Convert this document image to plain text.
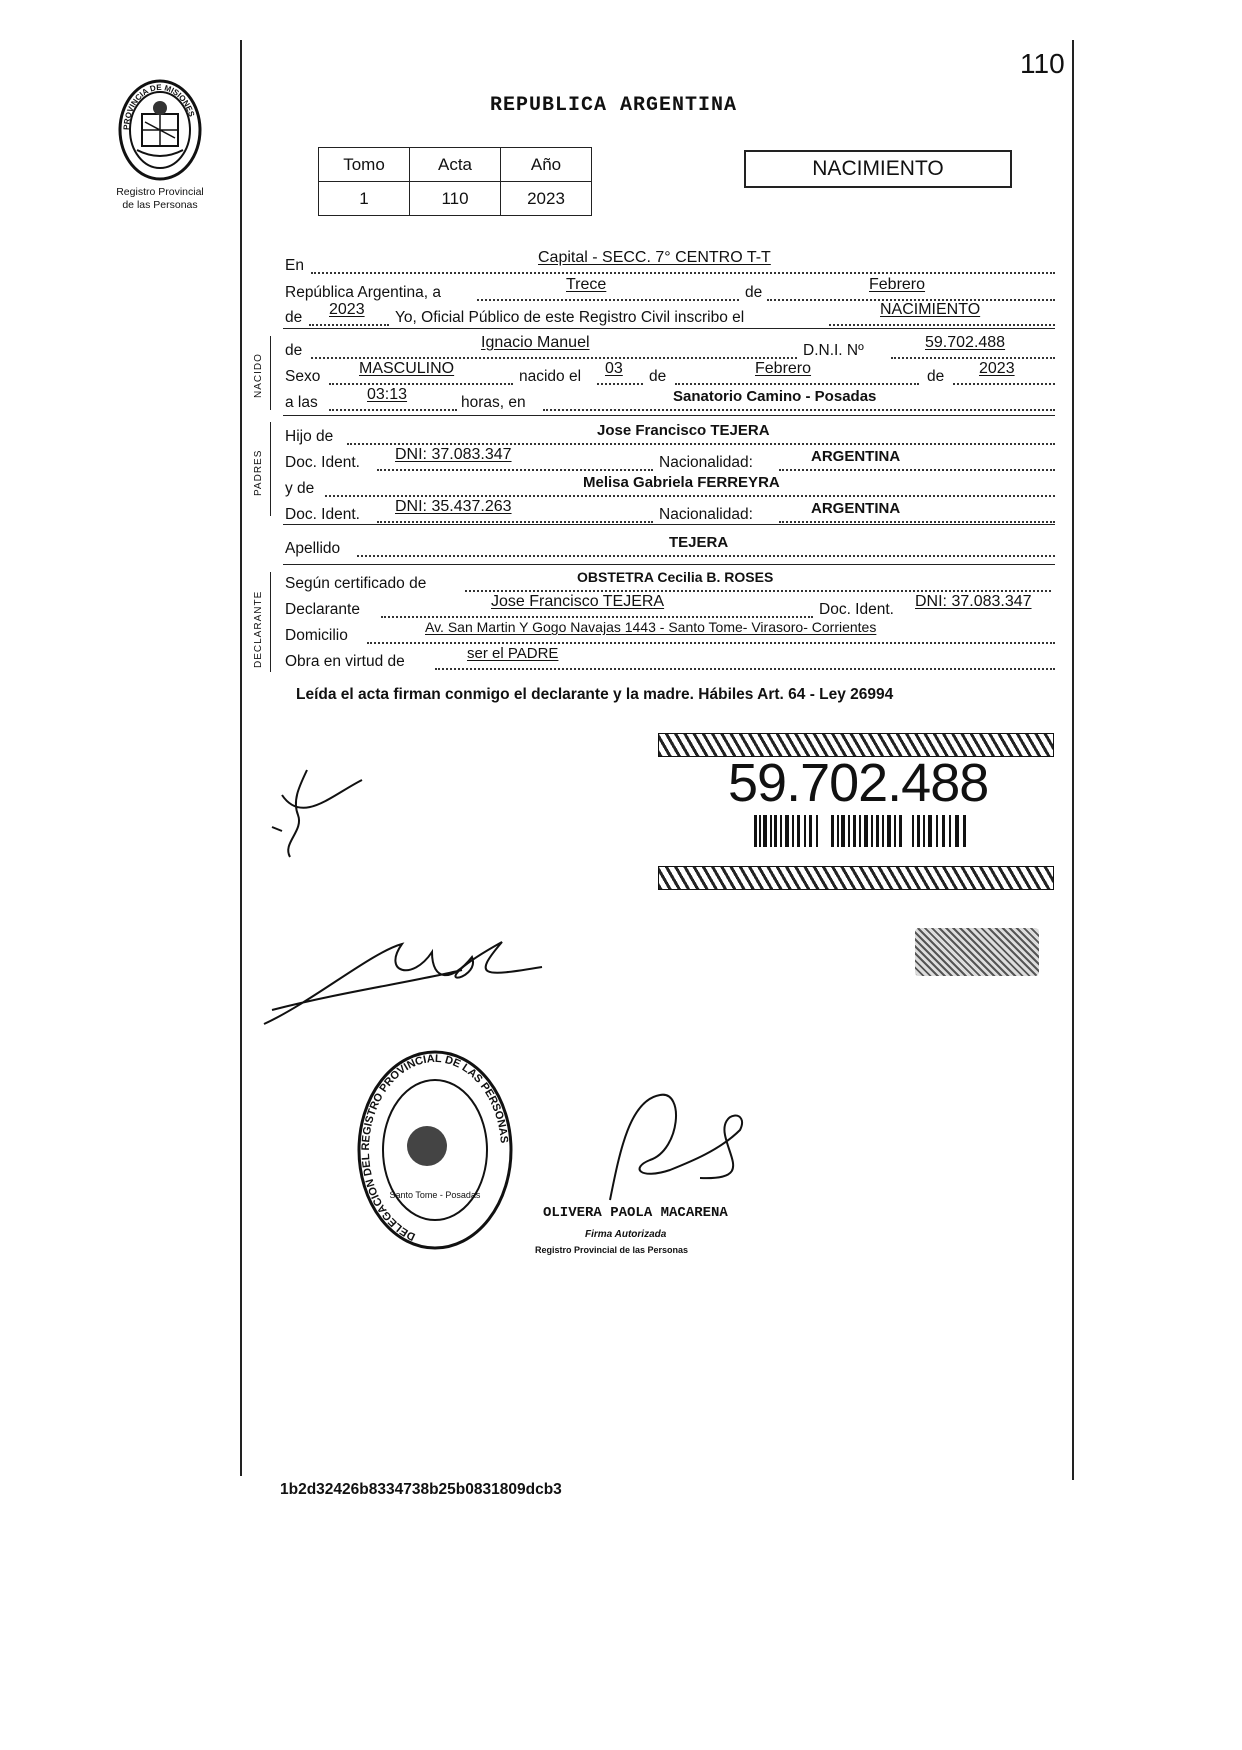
110
PROVINCIA DE MISIONES
Registro Provincial
de las Personas
REPUBLICA ARGENTINA
Tomo	Acta	Año
1	110	2023
NACIMIENTO
En	Capital - SECC. 7° CENTRO T-T
República Argentina, a	Trece	de	Febrero
de 2023 Yo, Oficial Público de este Registro Civil inscribo el	NACIMIENTO
NACIDO
de	Ignacio Manuel	D.N.I. Nº	59.702.488
Sexo MASCULINO	nacido el 03 de	Febrero	de 2023
a las	03:13	horas, en	Sanatorio Camino - Posadas
PADRES
Hijo de	Jose Francisco TEJERA
Doc. Ident. DNI: 37.083.347	Nacionalidad:	ARGENTINA
y de	Melisa Gabriela FERREYRA
Doc. Ident. DNI: 35.437.263	Nacionalidad:	ARGENTINA
Apellido	TEJERA
DECLARANTE
Según certificado de	OBSTETRA Cecilia B. ROSES
Declarante	Jose Francisco TEJERA	Doc. Ident. DNI: 37.083.347
Domicilio	Av. San Martin Y Gogo Navajas 1443 - Santo Tome- Virasoro- Corrientes
Obra en virtud de	ser el PADRE
Leída el acta firman conmigo el declarante y la madre. Hábiles Art. 64 - Ley 26994
59.702.488
DELEGACION DEL REGISTRO PROVINCIAL DE LAS PERSONAS
Santo Tome - Posadas
OLIVERA PAOLA MACARENA
Firma Autorizada
Registro Provincial de las Personas
1b2d32426b8334738b25b0831809dcb3
